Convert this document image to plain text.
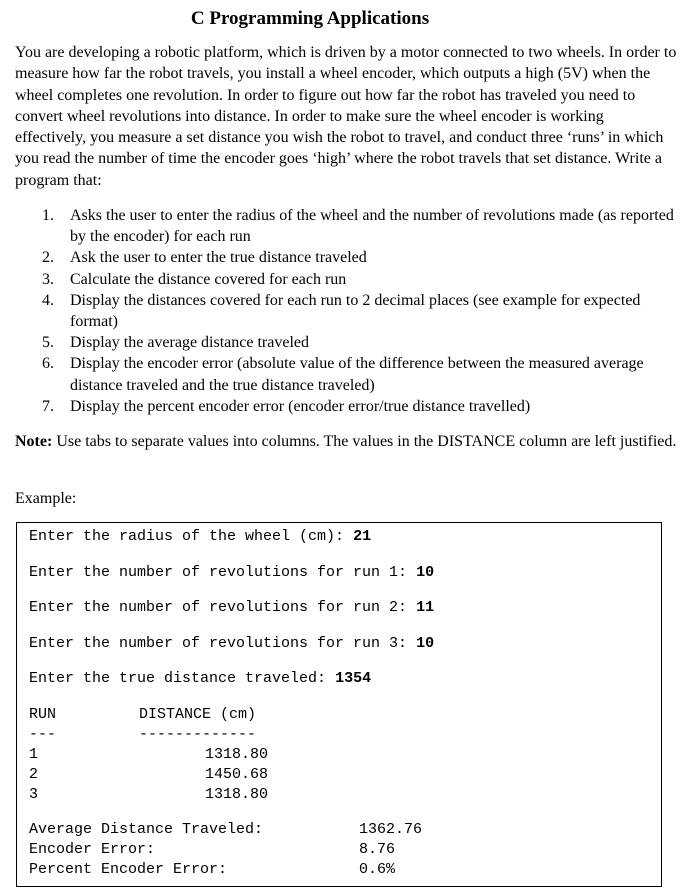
C Programming Applications

You are developing a robotic platform, which is driven by a motor connected to two wheels. In order to measure how far the robot travels, you install a wheel encoder, which outputs a high (5V) when the wheel completes one revolution. In order to figure out how far the robot has traveled you need to convert wheel revolutions into distance. In order to make sure the wheel encoder is working effectively, you measure a set distance you wish the robot to travel, and conduct three ‘runs’ in which you read the number of time the encoder goes ‘high’ where the robot travels that set distance. Write a program that:

1. Asks the user to enter the radius of the wheel and the number of revolutions made (as reported by the encoder) for each run
2. Ask the user to enter the true distance traveled
3. Calculate the distance covered for each run
4. Display the distances covered for each run to 2 decimal places (see example for expected format)
5. Display the average distance traveled
6. Display the encoder error (absolute value of the difference between the measured average distance traveled and the true distance traveled)
7. Display the percent encoder error (encoder error/true distance travelled)

Note: Use tabs to separate values into columns. The values in the DISTANCE column are left justified.

Example:
Enter the radius of the wheel (cm): 21
Enter the number of revolutions for run 1: 10
Enter the number of revolutions for run 2: 11
Enter the number of revolutions for run 3: 10
Enter the true distance traveled: 1354
RUN	DISTANCE (cm)
---	-------------
1	1318.80
2	1450.68
3	1318.80
Average Distance Traveled:	1362.76
Encoder Error:	8.76
Percent Encoder Error:	0.6%
